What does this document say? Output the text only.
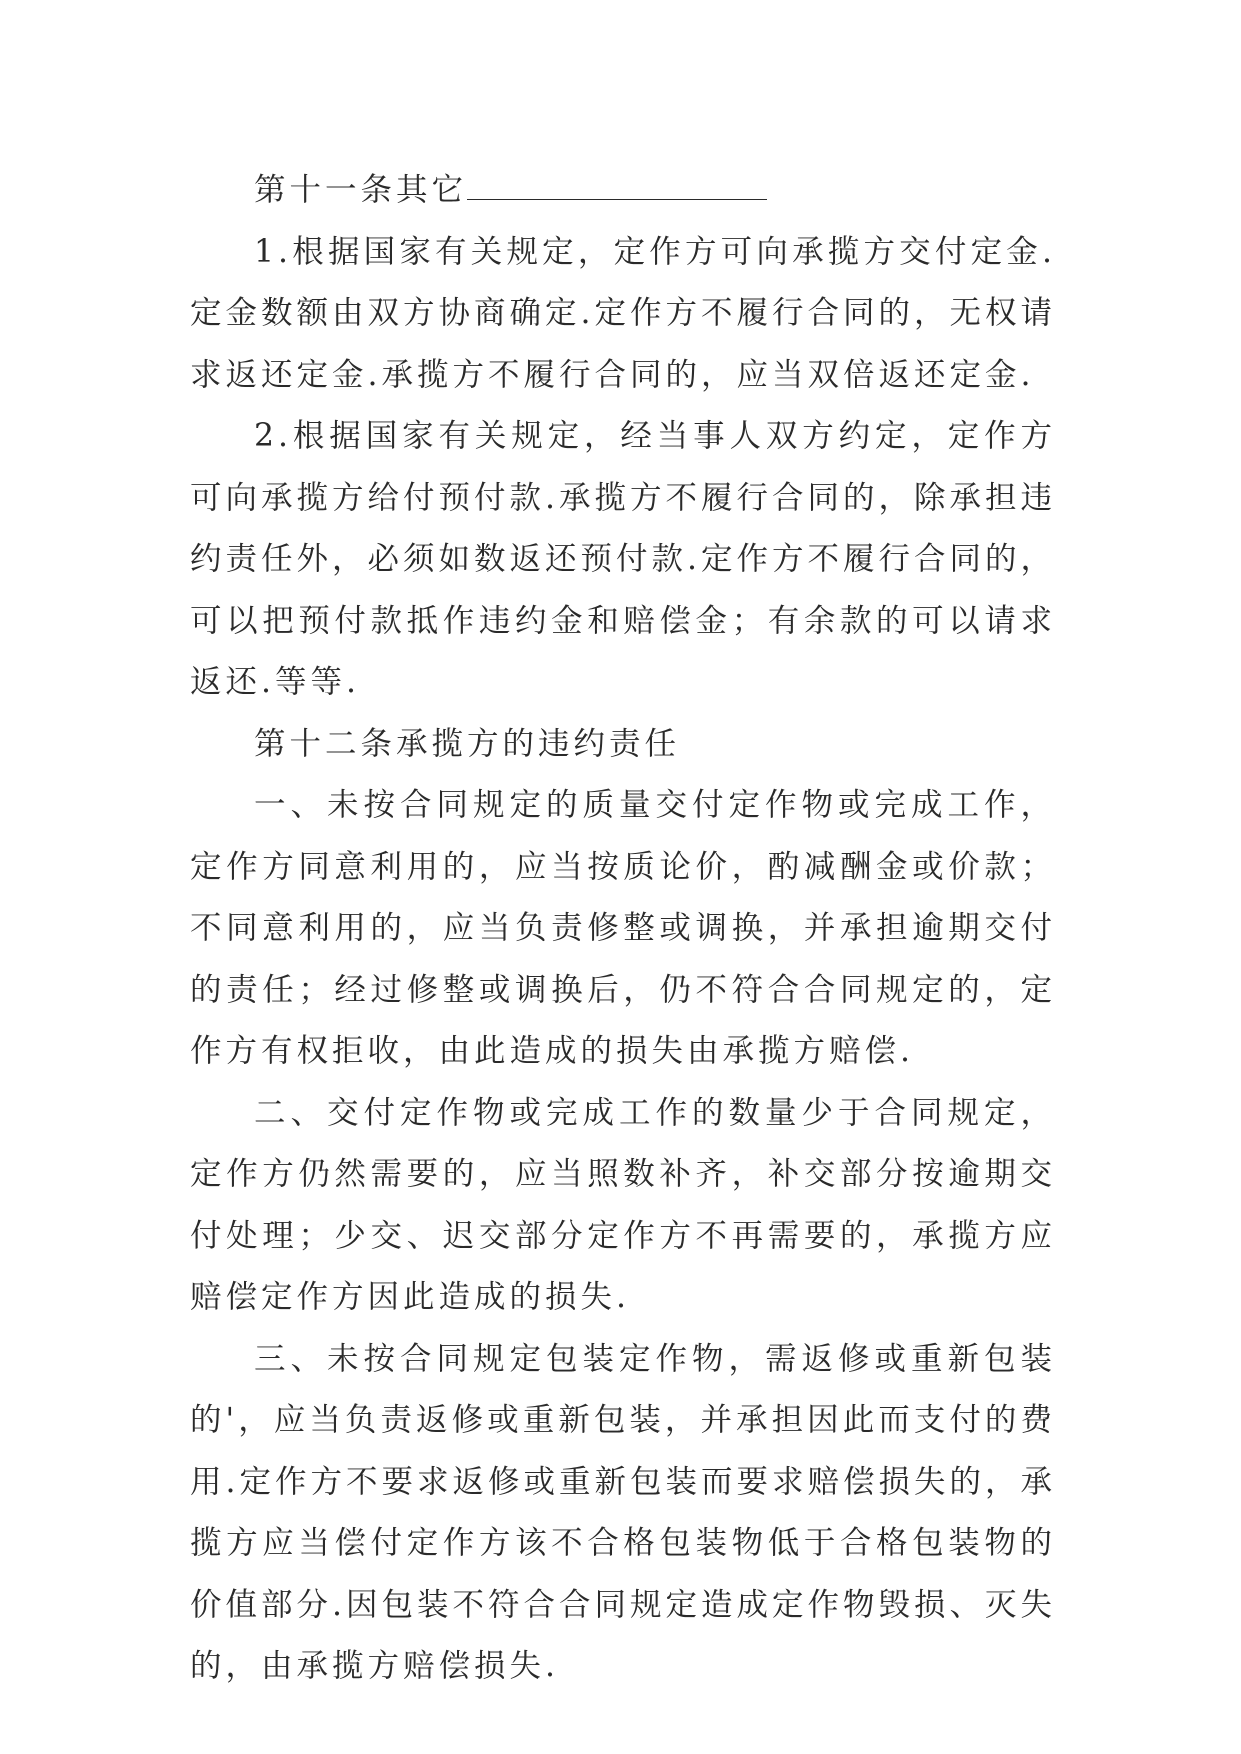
第十一条其它

1.根据国家有关规定，定作方可向承揽方交付定金.定金数额由双方协商确定.定作方不履行合同的，无权请求返还定金.承揽方不履行合同的，应当双倍返还定金.

2.根据国家有关规定，经当事人双方约定，定作方可向承揽方给付预付款.承揽方不履行合同的，除承担违约责任外，必须如数返还预付款.定作方不履行合同的，可以把预付款抵作违约金和赔偿金；有余款的可以请求返还.等等.

第十二条承揽方的违约责任

一、未按合同规定的质量交付定作物或完成工作，定作方同意利用的，应当按质论价，酌减酬金或价款；不同意利用的，应当负责修整或调换，并承担逾期交付的责任；经过修整或调换后，仍不符合合同规定的，定作方有权拒收，由此造成的损失由承揽方赔偿.

二、交付定作物或完成工作的数量少于合同规定，定作方仍然需要的，应当照数补齐，补交部分按逾期交付处理；少交、迟交部分定作方不再需要的，承揽方应赔偿定作方因此造成的损失.

三、未按合同规定包装定作物，需返修或重新包装的'，应当负责返修或重新包装，并承担因此而支付的费用.定作方不要求返修或重新包装而要求赔偿损失的，承揽方应当偿付定作方该不合格包装物低于合格包装物的价值部分.因包装不符合合同规定造成定作物毁损、灭失的，由承揽方赔偿损失.
